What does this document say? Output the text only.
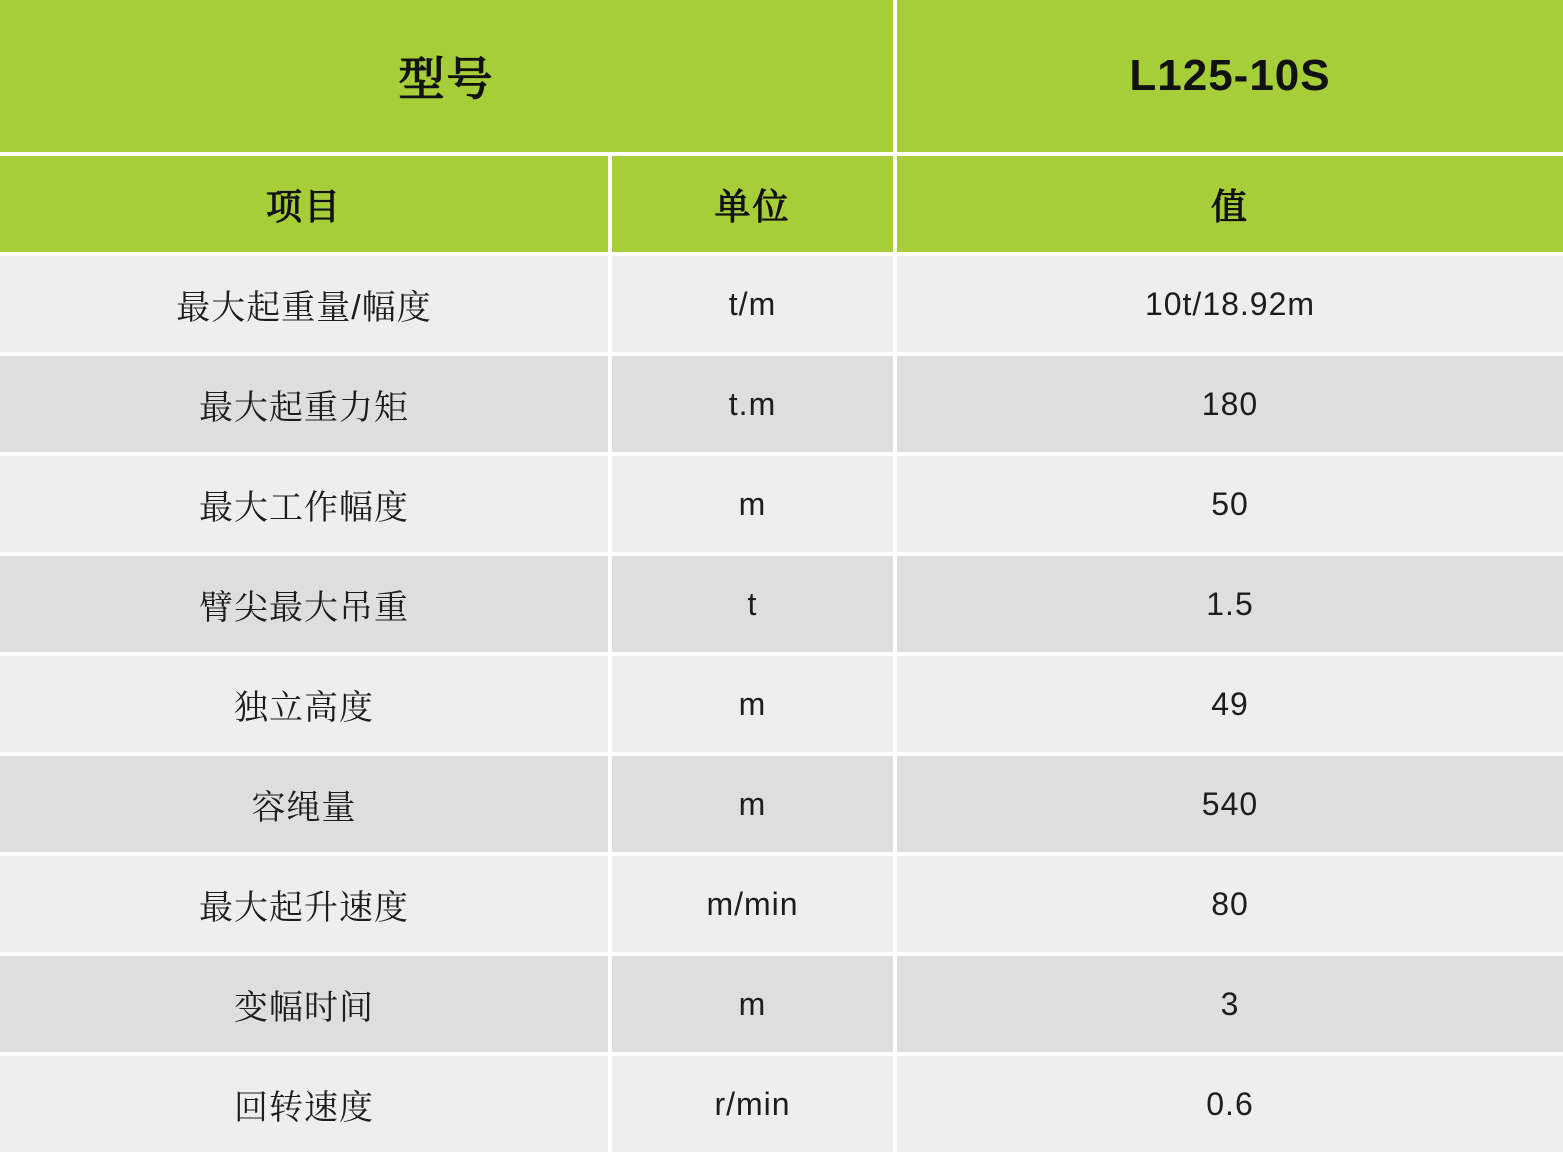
型号		L125-10S
项目	单位	值
最大起重量/幅度	t/m	10t/18.92m
最大起重力矩	t.m	180
最大工作幅度	m	50
臂尖最大吊重	t	1.5
独立高度	m	49
容绳量	m	540
最大起升速度	m/min	80
变幅时间	m	3
回转速度	r/min	0.6
